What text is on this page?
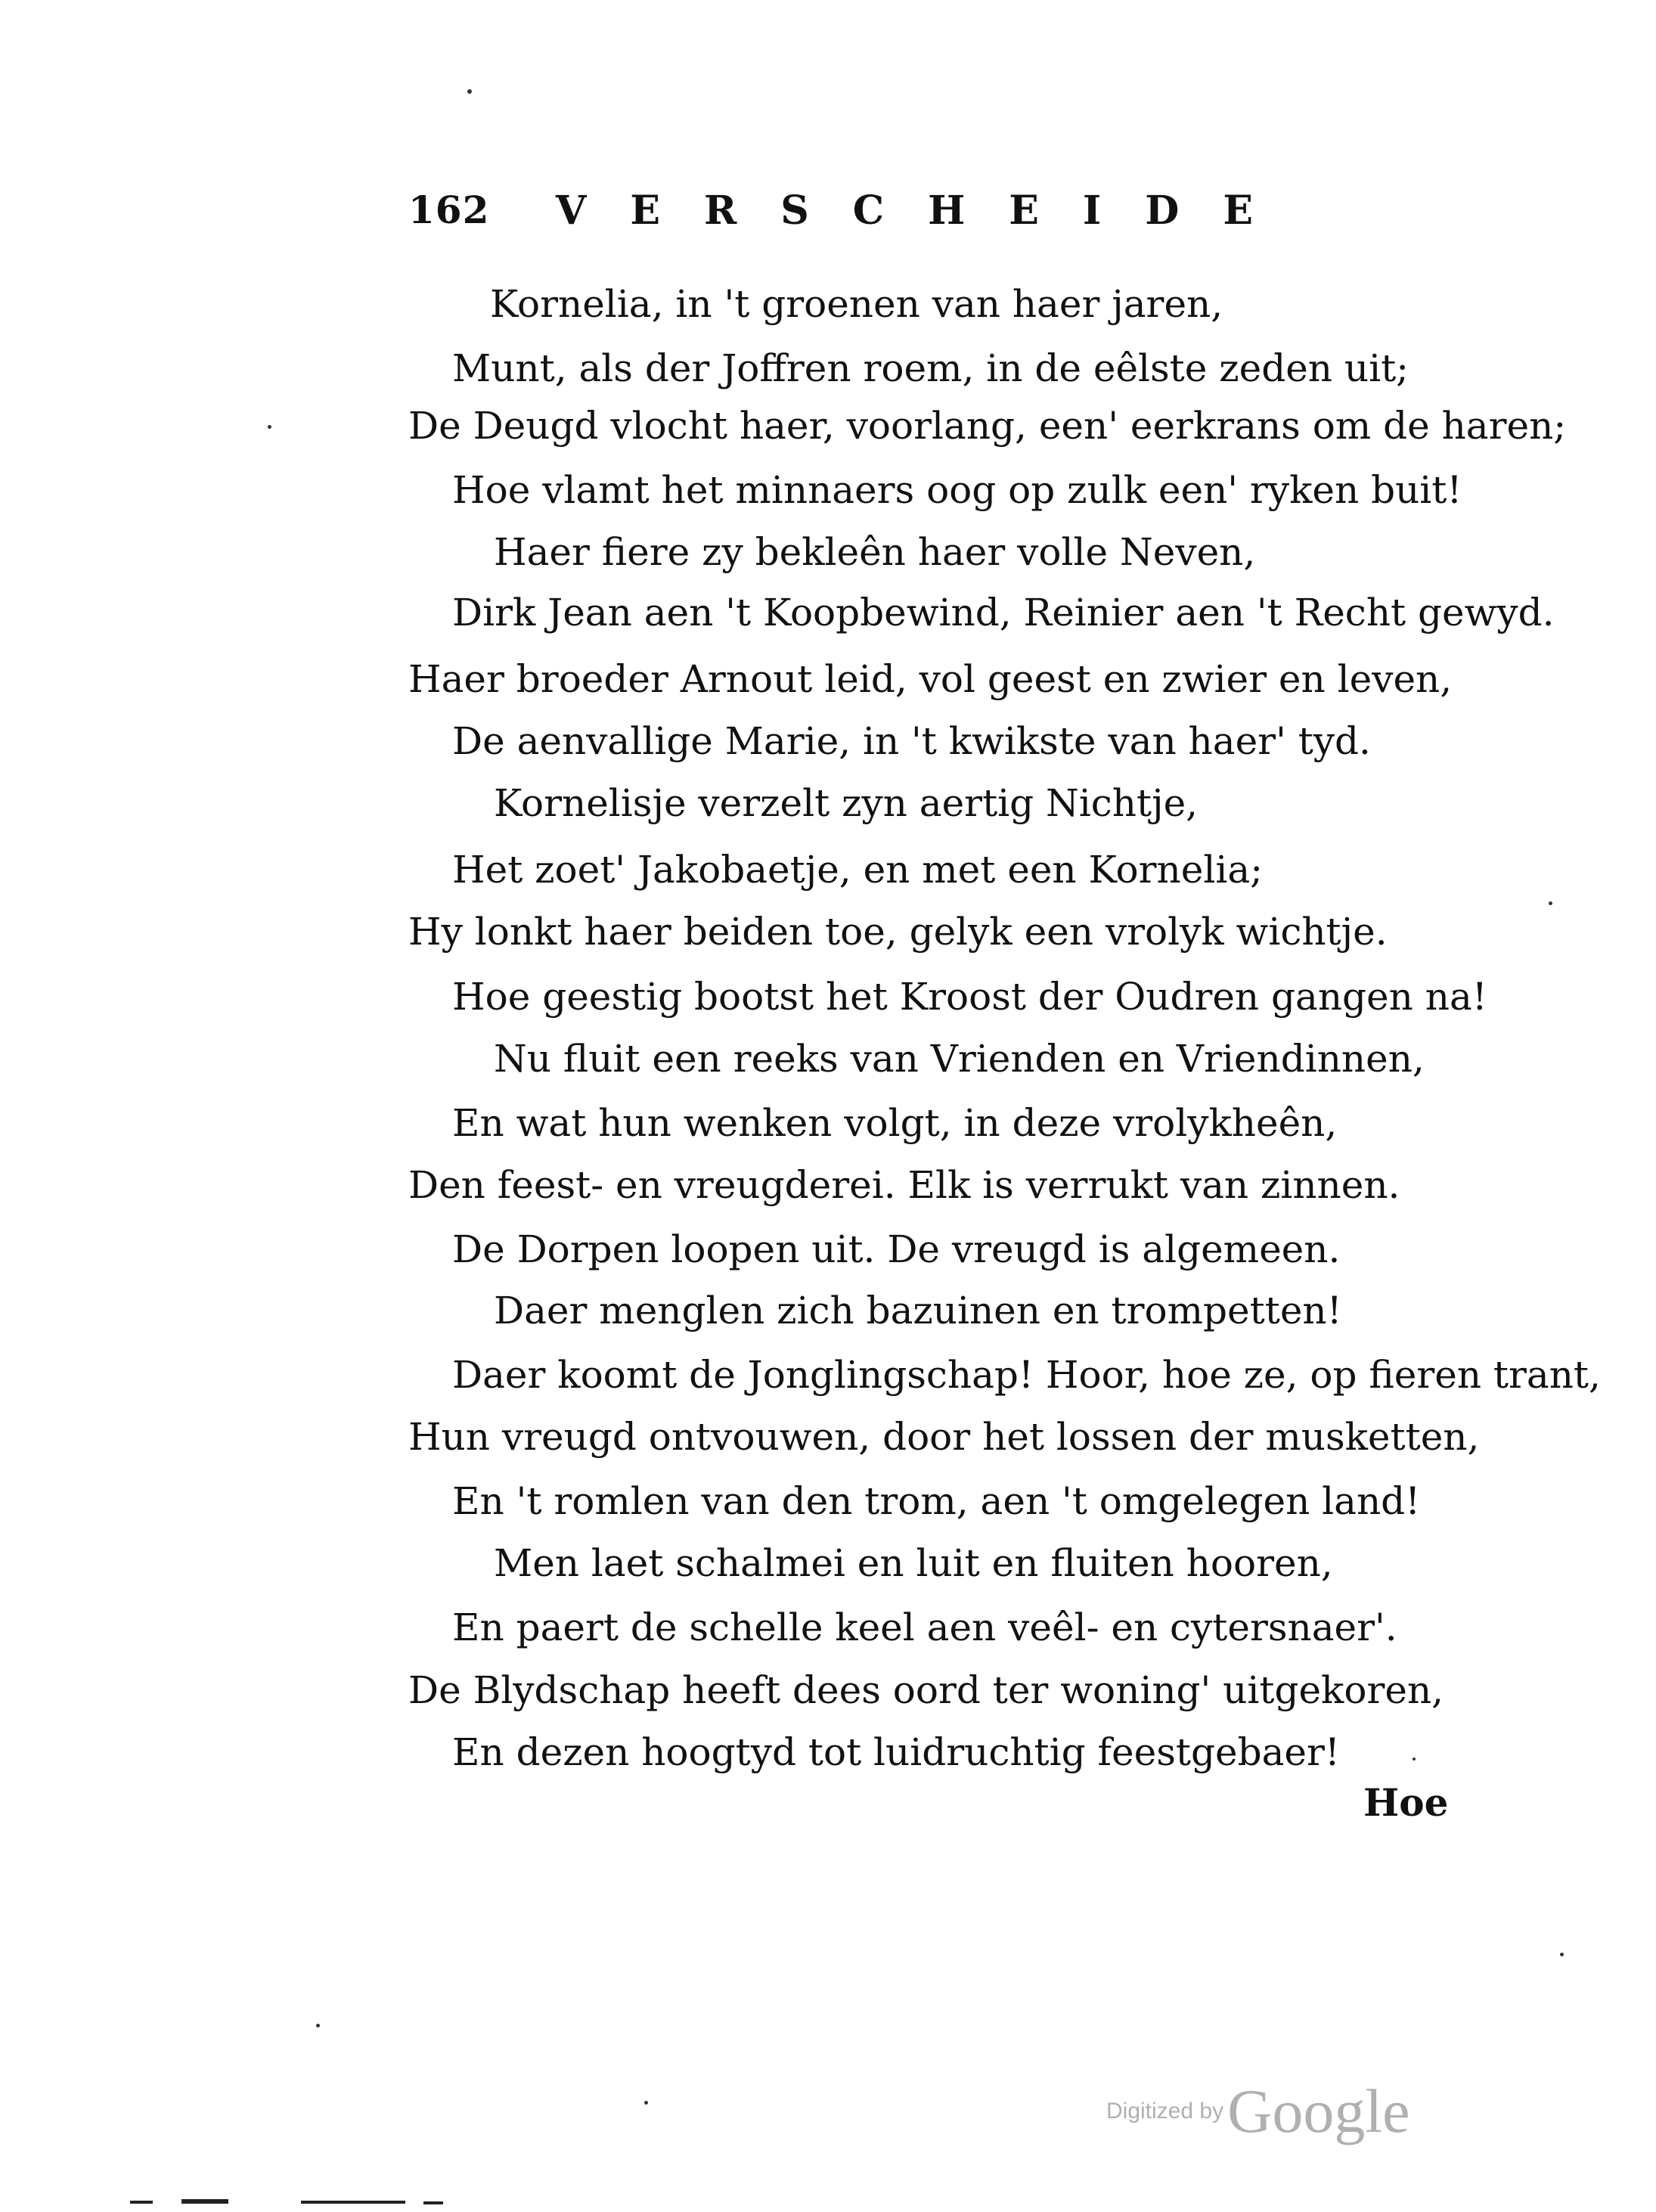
162 VERSCHEIDE
Kornelia, in 't groenen van haer jaren,
Munt, als der Joffren roem, in de eêlste zeden uit;
De Deugd vlocht haer, voorlang, een' eerkrans om de haren;
Hoe vlamt het minnaers oog op zulk een' ryken buit!
Haer fiere zy bekleên haer volle Neven,
Dirk Jean aen 't Koopbewind, Reinier aen 't Recht gewyd.
Haer broeder Arnout leid, vol geest en zwier en leven,
De aenvallige Marie, in 't kwikste van haer' tyd.
Kornelisje verzelt zyn aertig Nichtje,
Het zoet' Jakobaetje, en met een Kornelia;
Hy lonkt haer beiden toe, gelyk een vrolyk wichtje.
Hoe geestig bootst het Kroost der Oudren gangen na!
Nu fluit een reeks van Vrienden en Vriendinnen,
En wat hun wenken volgt, in deze vrolykheên,
Den feest- en vreugderei. Elk is verrukt van zinnen.
De Dorpen loopen uit. De vreugd is algemeen.
Daer menglen zich bazuinen en trompetten!
Daer koomt de Jonglingschap! Hoor, hoe ze, op fieren trant,
Hun vreugd ontvouwen, door het lossen der musketten,
En 't romlen van den trom, aen 't omgelegen land!
Men laet schalmei en luit en fluiten hooren,
En paert de schelle keel aen veêl- en cytersnaer'.
De Blydschap heeft dees oord ter woning' uitgekoren,
En dezen hoogtyd tot luidruchtig feestgebaer!
Hoe
Digitized by Google
